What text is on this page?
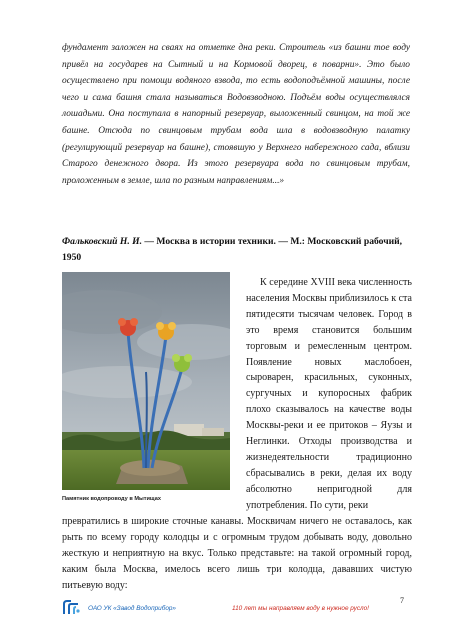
фундамент заложен на сваях на отметке дна реки. Строитель «из башни тое воду привёл на государев на Сытный и на Кормовой дворец, в поварни». Это было осуществлено при помощи водяного взвода, то есть водоподъёмной машины, после чего и сама башня стала называться Водовзводною. Подъём воды осуществлялся лошадьми. Она поступала в напорный резервуар, выложенный свинцом, на той же башне. Отсюда по свинцовым трубам вода шла в водовзводную палатку (регулирующий резервуар на башне), стоявшую у Верхнего набережного сада, вблизи Старого денежного двора. Из этого резервуара вода по свинцовым трубам, проложенным в земле, шла по разным направлениям...»
Фальковский Н. И. — Москва в истории техники. — М.: Московский рабочий, 1950
Памятник водопроводу в Мытищах
К середине XVIII века численность населения Москвы приблизилось к ста пятидесяти тысячам человек. Город в это время становится большим торговым и ремесленным центром. Появление новых маслобоен, сыроварен, красильных, суконных, сургучных и купоросных фабрик плохо сказывалось на качестве воды Москвы-реки и ее притоков – Яузы и Неглинки. Отходы производства и жизнедеятельности традиционно сбрасывались в реки, делая их воду абсолютно непригодной для употребления. По сути, реки
превратились в широкие сточные канавы. Москвичам ничего не оставалось, как рыть по всему городу колодцы и с огромным трудом добывать воду, довольно жесткую и неприятную на вкус. Только представьте: на такой огромный город, каким была Москва, имелось всего лишь три колодца, дававших чистую питьевую воду:
ОАО УК «Завод Водоприбор»	110 лет мы направляем воду в нужное русло!
7
